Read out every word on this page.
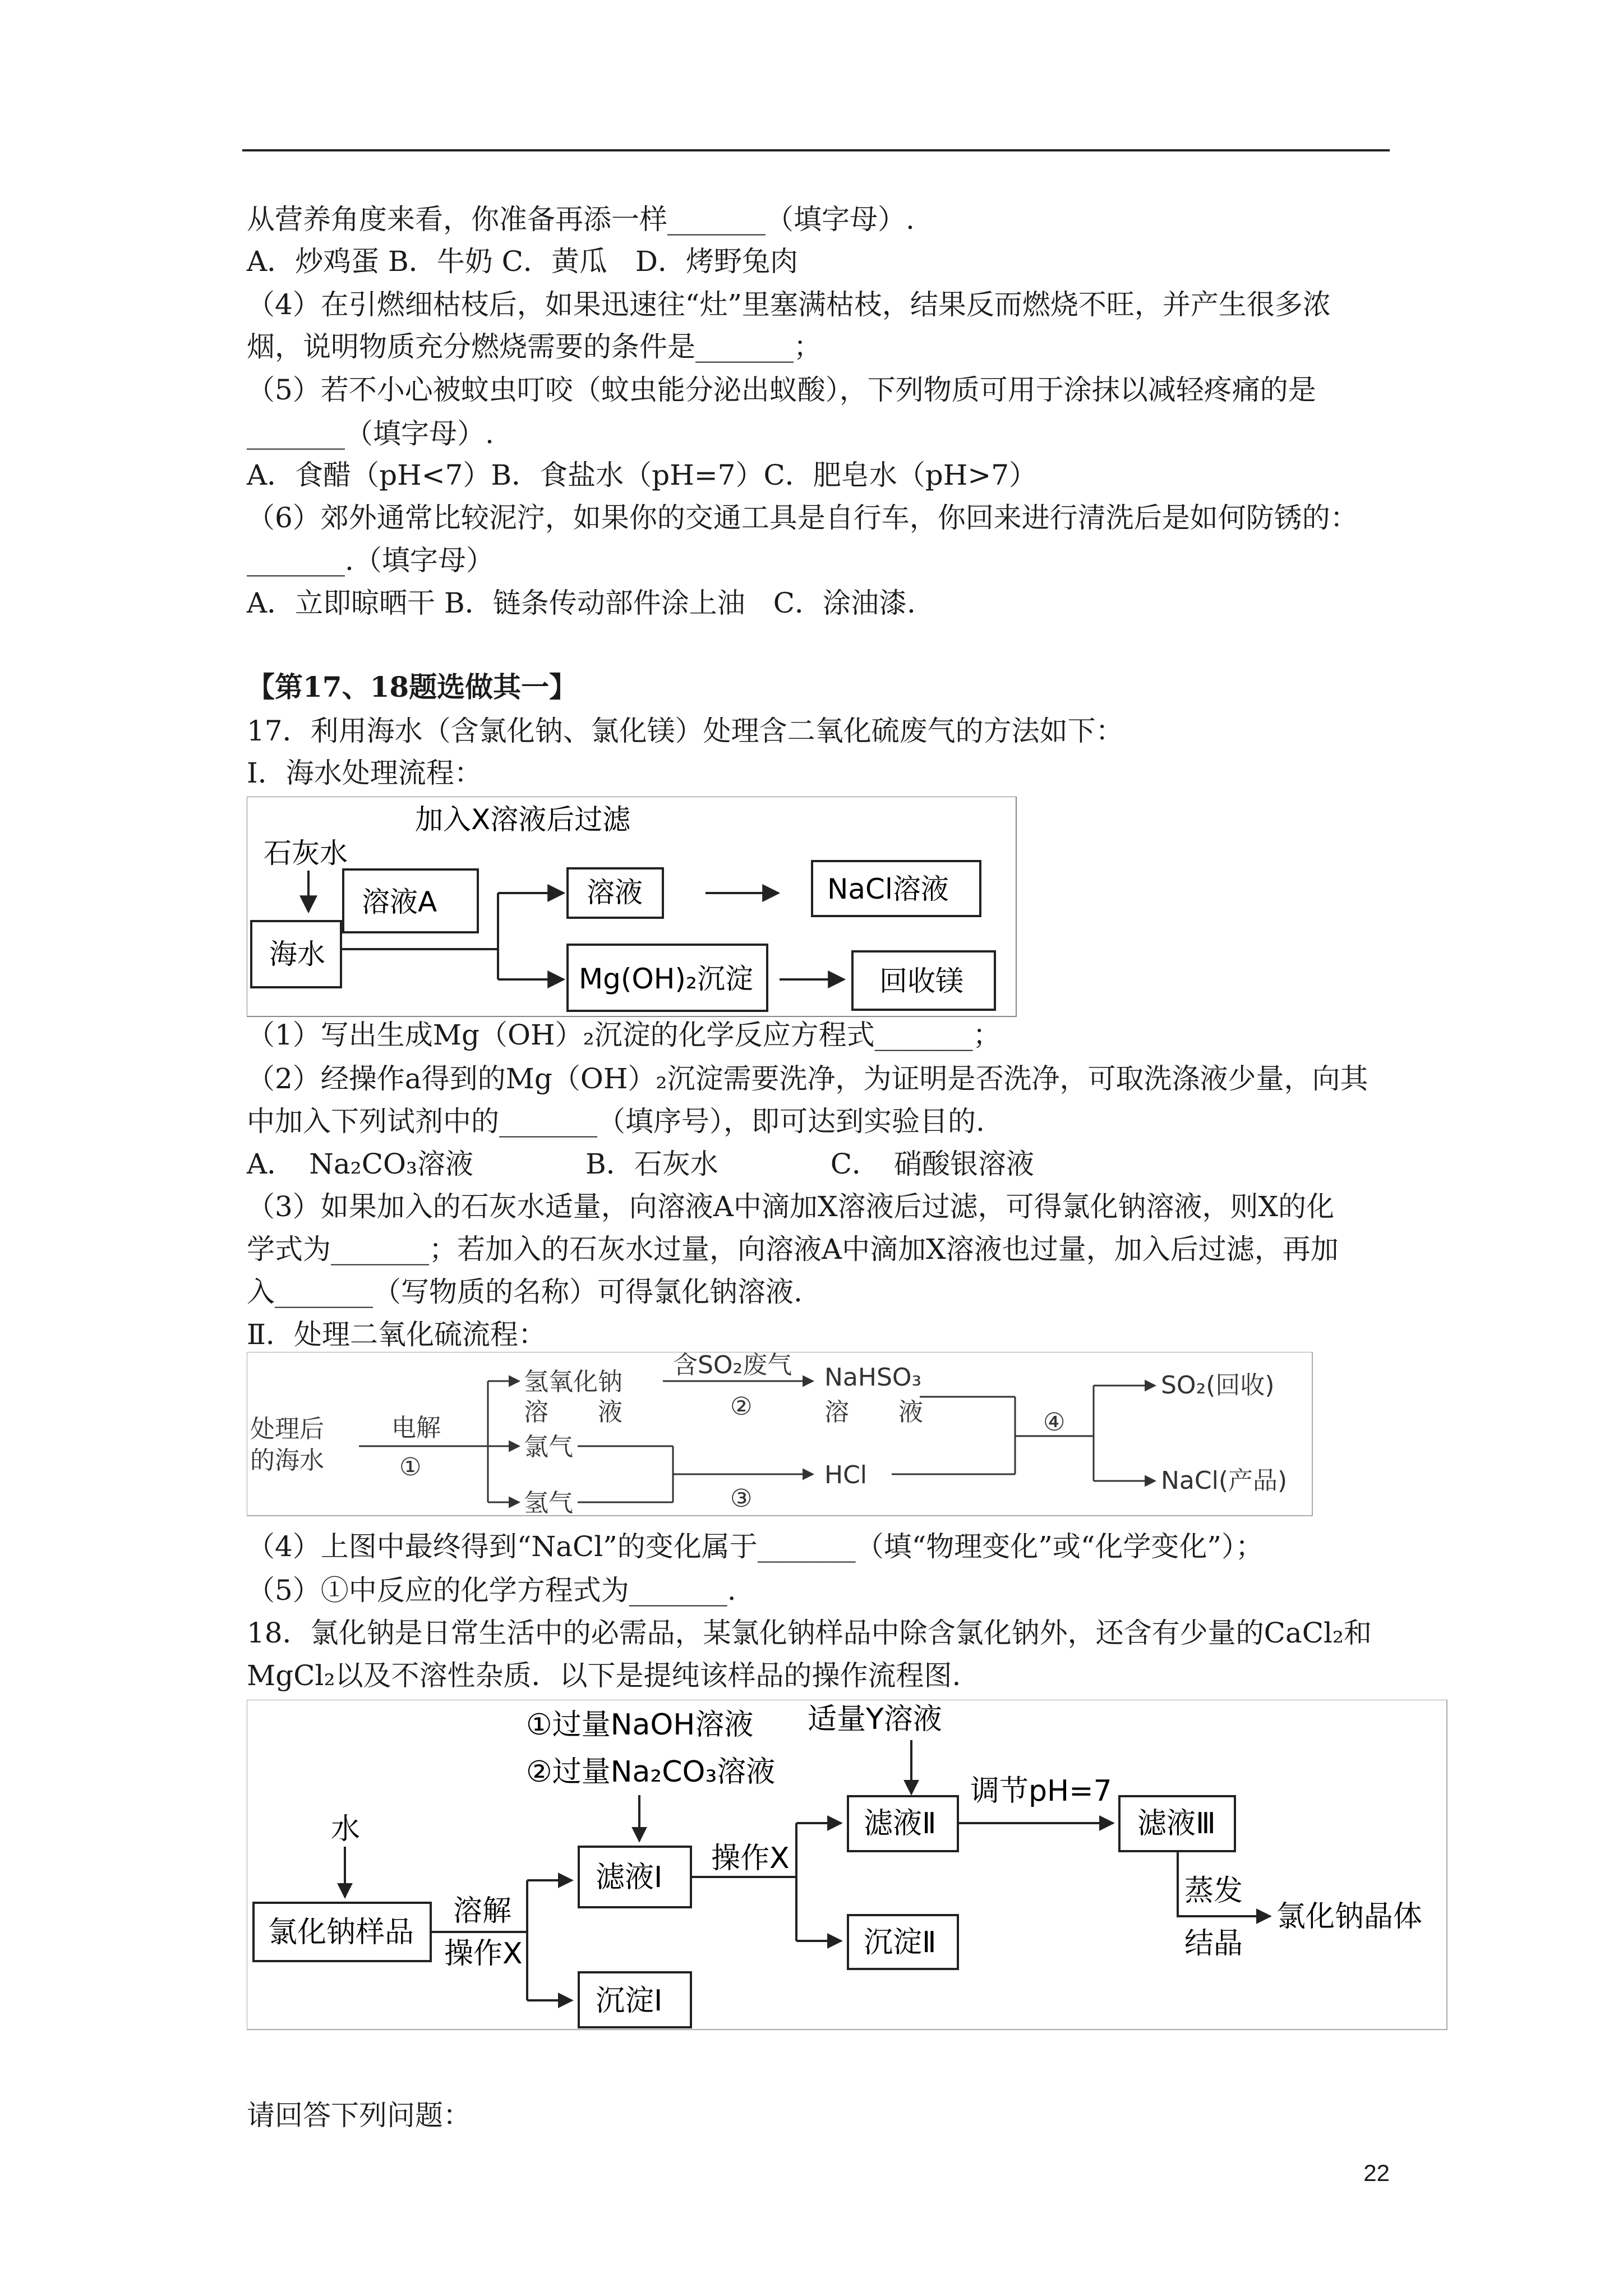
从营养角度来看，你准备再添一样_______（填字母）.
A．炒鸡蛋 B．牛奶 C．黄瓜　D．烤野兔肉
（4）在引燃细枯枝后，如果迅速往“灶”里塞满枯枝，结果反而燃烧不旺，并产生很多浓
烟，说明物质充分燃烧需要的条件是_______；
（5）若不小心被蚊虫叮咬（蚊虫能分泌出蚁酸），下列物质可用于涂抹以减轻疼痛的是
_______（填字母）.
A．食醋（pH<7）B．食盐水（pH=7）C．肥皂水（pH>7）
（6）郊外通常比较泥泞，如果你的交通工具是自行车，你回来进行清洗后是如何防锈的：
_______.（填字母）
A．立即晾晒干 B．链条传动部件涂上油　C．涂油漆.
【第17、18题选做其一】
17．利用海水（含氯化钠、氯化镁）处理含二氧化硫废气的方法如下：
Ⅰ．海水处理流程：
加入X溶液后过滤
石灰水
溶液A
海水
溶液	NaCl溶液
Mg(OH)₂沉淀	回收镁
（1）写出生成Mg（OH）₂沉淀的化学反应方程式_______；
（2）经操作a得到的Mg（OH）₂沉淀需要洗净，为证明是否洗净，可取洗涤液少量，向其
中加入下列试剂中的_______（填序号），即可达到实验目的.
A．　Na₂CO₃溶液　　　　B．石灰水　　　　C．　硝酸银溶液
（3）如果加入的石灰水适量，向溶液A中滴加X溶液后过滤，可得氯化钠溶液，则X的化
学式为_______；若加入的石灰水过量，向溶液A中滴加X溶液也过量，加入后过滤，再加
入_______（写物质的名称）可得氯化钠溶液.
Ⅱ．处理二氧化硫流程：
处理后
的海水
电解
①
氢氧化钠
溶　　液
含SO₂废气
②
NaHSO₃
溶　　液
氯气
氢气	③
HCl
④
SO₂(回收)
NaCl(产品)
（4）上图中最终得到“NaCl”的变化属于_______（填“物理变化”或“化学变化”）；
（5）①中反应的化学方程式为_______.
18．氯化钠是日常生活中的必需品，某氯化钠样品中除含氯化钠外，还含有少量的CaCl₂和
MgCl₂以及不溶性杂质．以下是提纯该样品的操作流程图.
①过量NaOH溶液
②过量Na₂CO₃溶液
适量Y溶液
水
氯化钠样品
溶解
操作X
滤液Ⅰ
沉淀Ⅰ
操作X
滤液Ⅱ
沉淀Ⅱ
调节pH=7
滤液Ⅲ
蒸发
结晶
氯化钠晶体
请回答下列问题：
22
